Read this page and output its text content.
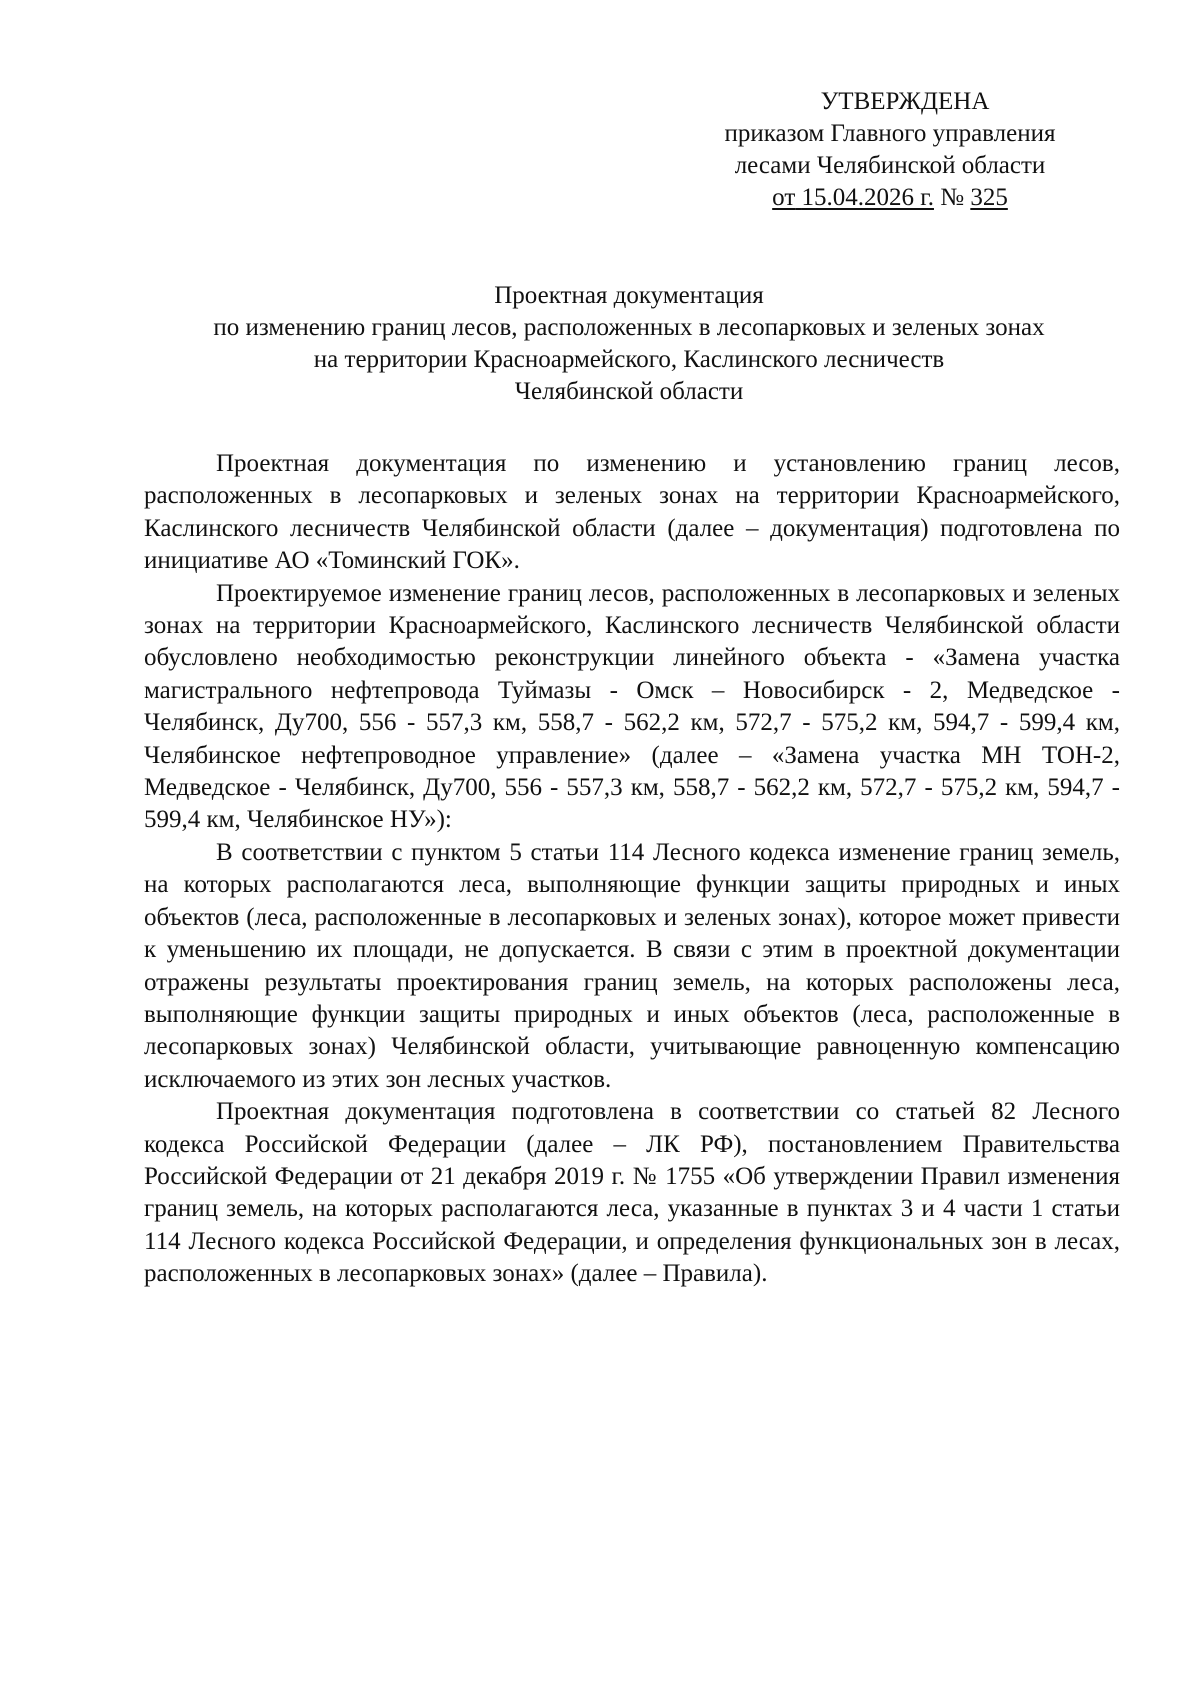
УТВЕРЖДЕНА
приказом Главного управления
лесами Челябинской области
от 15.04.2026 г. № 325
Проектная документация
по изменению границ лесов, расположенных в лесопарковых и зеленых зонах
на территории Красноармейского, Каслинского лесничеств
Челябинской области

Проектная документация по изменению и установлению границ лесов, расположенных в лесопарковых и зеленых зонах на территории Красноармейского, Каслинского лесничеств Челябинской области (далее – документация) подготовлена по инициативе АО «Томинский ГОК».

Проектируемое изменение границ лесов, расположенных в лесопарковых и зеленых зонах на территории Красноармейского, Каслинского лесничеств Челябинской области обусловлено необходимостью реконструкции линейного объекта - «Замена участка магистрального нефтепровода Туймазы - Омск – Новосибирск - 2, Медведское - Челябинск, Ду700, 556 - 557,3 км, 558,7 - 562,2 км, 572,7 - 575,2 км, 594,7 - 599,4 км, Челябинское нефтепроводное управление» (далее – «Замена участка МН ТОН-2, Медведское - Челябинск, Ду700, 556 - 557,3 км, 558,7 - 562,2 км, 572,7 - 575,2 км, 594,7 - 599,4 км, Челябинское НУ»):

В соответствии с пунктом 5 статьи 114 Лесного кодекса изменение границ земель, на которых располагаются леса, выполняющие функции защиты природных и иных объектов (леса, расположенные в лесопарковых и зеленых зонах), которое может привести к уменьшению их площади, не допускается. В связи с этим в проектной документации отражены результаты проектирования границ земель, на которых расположены леса, выполняющие функции защиты природных и иных объектов (леса, расположенные в лесопарковых зонах) Челябинской области, учитывающие равноценную компенсацию исключаемого из этих зон лесных участков.

Проектная документация подготовлена в соответствии со статьей 82 Лесного кодекса Российской Федерации (далее – ЛК РФ), постановлением Правительства Российской Федерации от 21 декабря 2019 г. № 1755 «Об утверждении Правил изменения границ земель, на которых располагаются леса, указанные в пунктах 3 и 4 части 1 статьи 114 Лесного кодекса Российской Федерации, и определения функциональных зон в лесах, расположенных в лесопарковых зонах» (далее – Правила).
